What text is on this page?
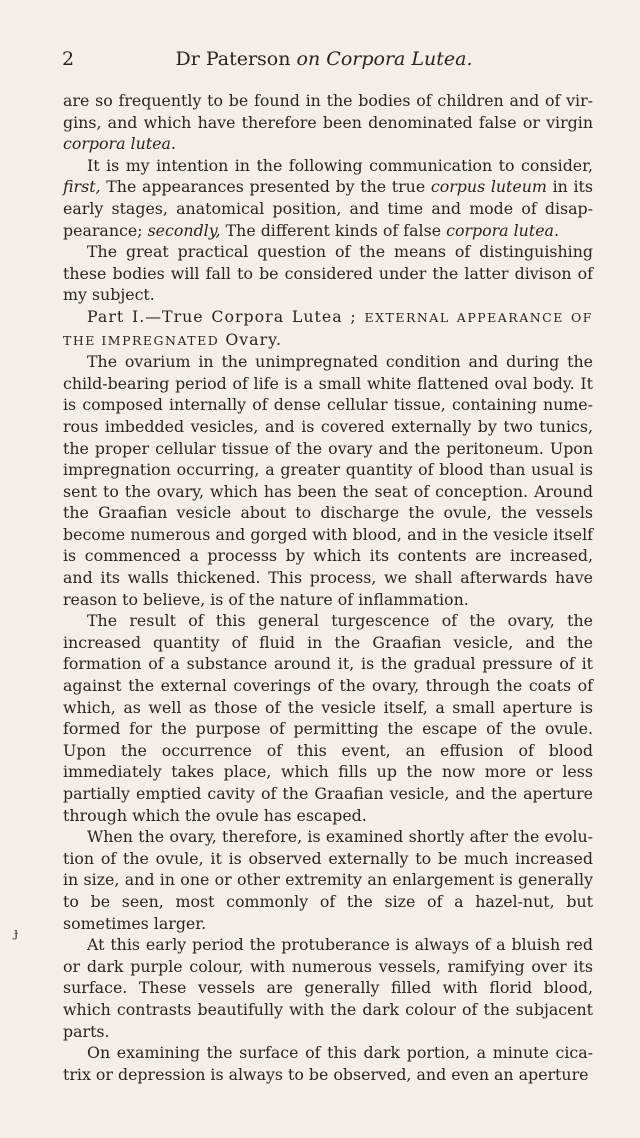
2	Dr Paterson on Corpora Lutea.

are so frequently to be found in the bodies of children and of virgins, and which have therefore been denominated false or virgin corpora lutea.

It is my intention in the following communication to consider, first, The appearances presented by the true corpus luteum in its early stages, anatomical position, and time and mode of disappearance; secondly, The different kinds of false corpora lutea.

The great practical question of the means of distinguishing these bodies will fall to be considered under the latter divison of my subject.

Part I.—True Corpora Lutea ; EXTERNAL APPEARANCE OF THE IMPREGNATED Ovary.

The ovarium in the unimpregnated condition and during the child-bearing period of life is a small white flattened oval body. It is composed internally of dense cellular tissue, containing numerous imbedded vesicles, and is covered externally by two tunics, the proper cellular tissue of the ovary and the peritoneum. Upon impregnation occurring, a greater quantity of blood than usual is sent to the ovary, which has been the seat of conception. Around the Graafian vesicle about to discharge the ovule, the vessels become numerous and gorged with blood, and in the vesicle itself is commenced a processs by which its contents are increased, and its walls thickened. This process, we shall afterwards have reason to believe, is of the nature of inflammation.

The result of this general turgescence of the ovary, the increased quantity of fluid in the Graafian vesicle, and the formation of a substance around it, is the gradual pressure of it against the external coverings of the ovary, through the coats of which, as well as those of the vesicle itself, a small aperture is formed for the purpose of permitting the escape of the ovule. Upon the occurrence of this event, an effusion of blood immediately takes place, which fills up the now more or less partially emptied cavity of the Graafian vesicle, and the aperture through which the ovule has escaped.

When the ovary, therefore, is examined shortly after the evolution of the ovule, it is observed externally to be much increased in size, and in one or other extremity an enlargement is generally to be seen, most commonly of the size of a hazel-nut, but sometimes larger.

At this early period the protuberance is always of a bluish red or dark purple colour, with numerous vessels, ramifying over its surface. These vessels are generally filled with florid blood, which contrasts beautifully with the dark colour of the subjacent parts.

On examining the surface of this dark portion, a minute cicatrix or depression is always to be observed, and even an aperture

ɟ
